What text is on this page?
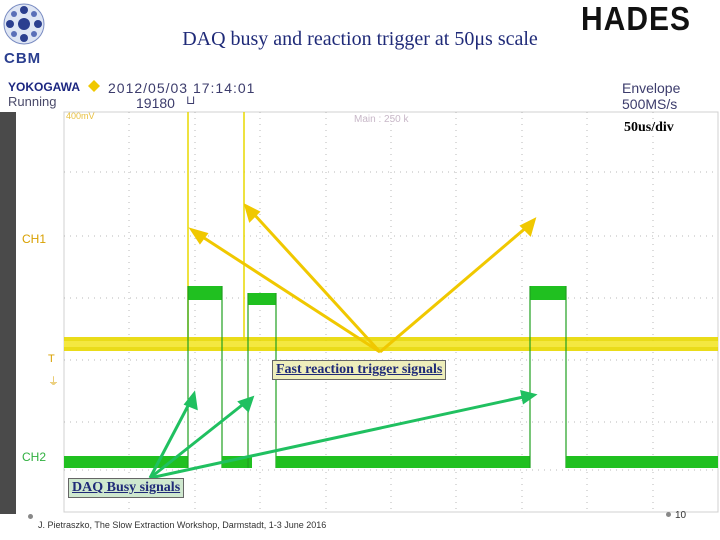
CBM
HADES
DAQ busy and reaction trigger at 50μs scale
T
⏚
⊔
YOKOGAWA
Running
2012/05/03 17:14:01
19180
Envelope
500MS/s
400mV	Main : 250 k
50us/div
CH1
CH2
Fast reaction trigger signals
DAQ Busy signals
J. Pietraszko, The Slow Extraction Workshop, Darmstadt, 1-3 June 2016
10
